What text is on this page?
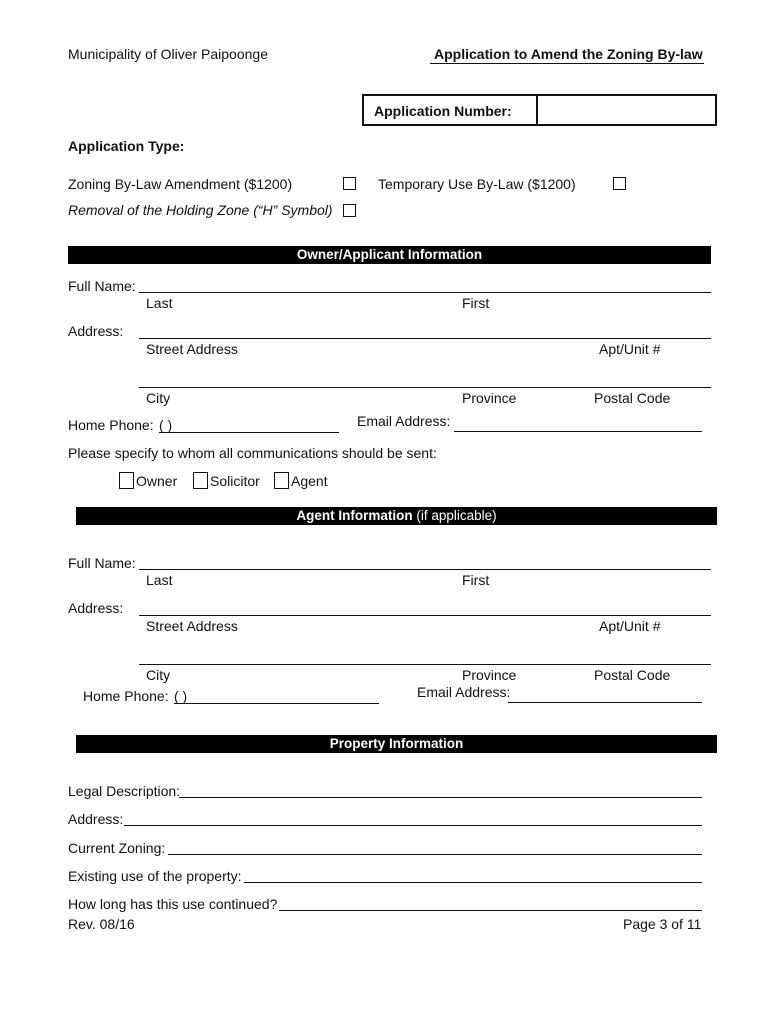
Municipality of Oliver Paipoonge	Application to Amend the Zoning By-law
Application Number:
Application Type:
Zoning By-Law Amendment ($1200)	Temporary Use By-Law ($1200)
Removal of the Holding Zone (“H” Symbol)
Owner/Applicant Information
Full Name:
Last	First
Address:
Street Address	Apt/Unit #
City	Province	Postal Code
Home Phone: ( )	Email Address:
Please specify to whom all communications should be sent:
Owner Solicitor Agent
Agent Information (if applicable)
Full Name:
Last	First
Address:
Street Address	Apt/Unit #
City	Province	Postal Code
Home Phone: ( )	Email Address:
Property Information
Legal Description:
Address:
Current Zoning:
Existing use of the property:
How long has this use continued?
Rev. 08/16	Page 3 of 11
